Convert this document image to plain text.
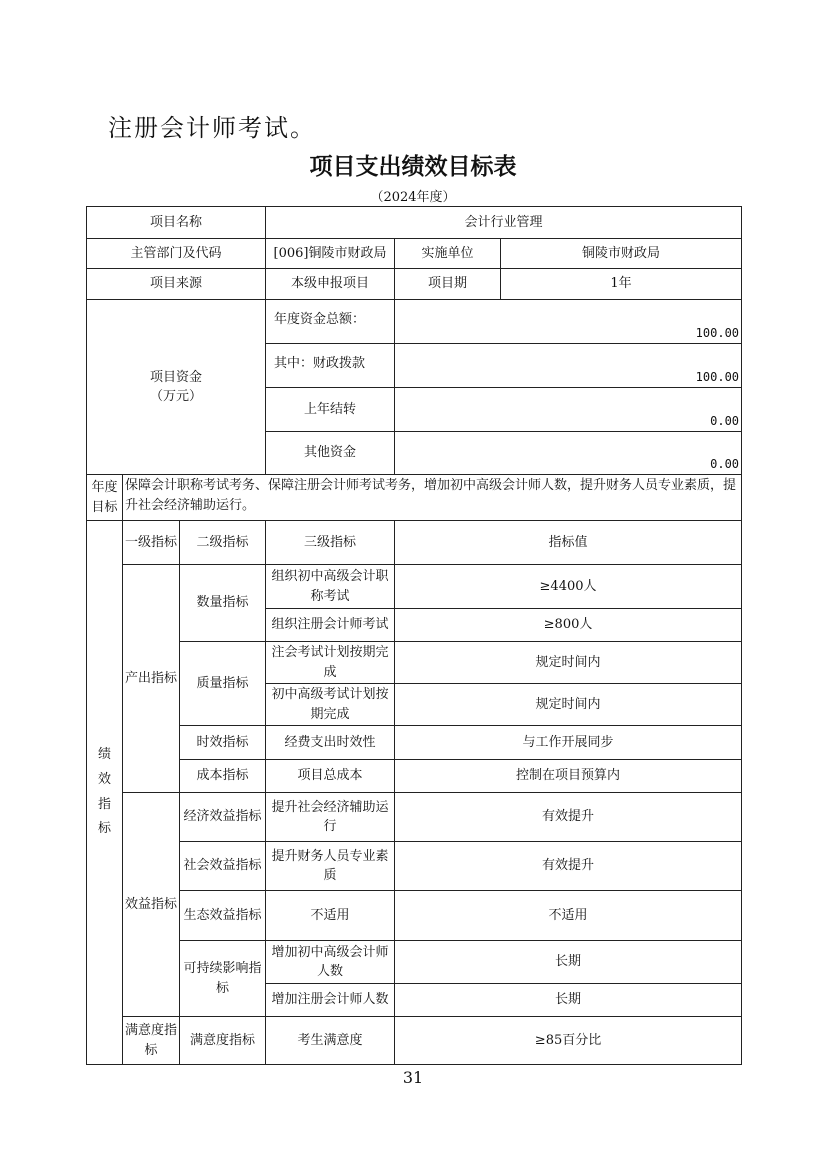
注册会计师考试。
项目支出绩效目标表
（2024年度）
项目名称			会计行业管理		
主管部门及代码			[006]铜陵市财政局	实施单位	铜陵市财政局
项目来源			本级申报项目	项目期	1年

项目资金
（万元）			年度资金总额：	100.00	
			其中：财政拨款	100.00	
			上年结转	0.00	
			其他资金	0.00	
年度目标	保障会计职称考试考务、保障注册会计师考试考务，增加初中高级会计师人数，提升财务人员专业素质，提升社会经济辅助运行。				
绩效指标	一级指标	二级指标	三级指标	指标值	
	产出指标	数量指标	组织初中高级会计职称考试	≥4400人	
			组织注册会计师考试	≥800人	
		质量指标	注会考试计划按期完成	规定时间内	
			初中高级考试计划按期完成	规定时间内	
		时效指标	经费支出时效性	与工作开展同步	
		成本指标	项目总成本	控制在项目预算内	
	效益指标	经济效益指标	提升社会经济辅助运行	有效提升	
		社会效益指标	提升财务人员专业素质	有效提升	
		生态效益指标	不适用	不适用	
		可持续影响指标	增加初中高级会计师人数	长期	
			增加注册会计师人数	长期	
	满意度指标	满意度指标	考生满意度	≥85百分比	
31
